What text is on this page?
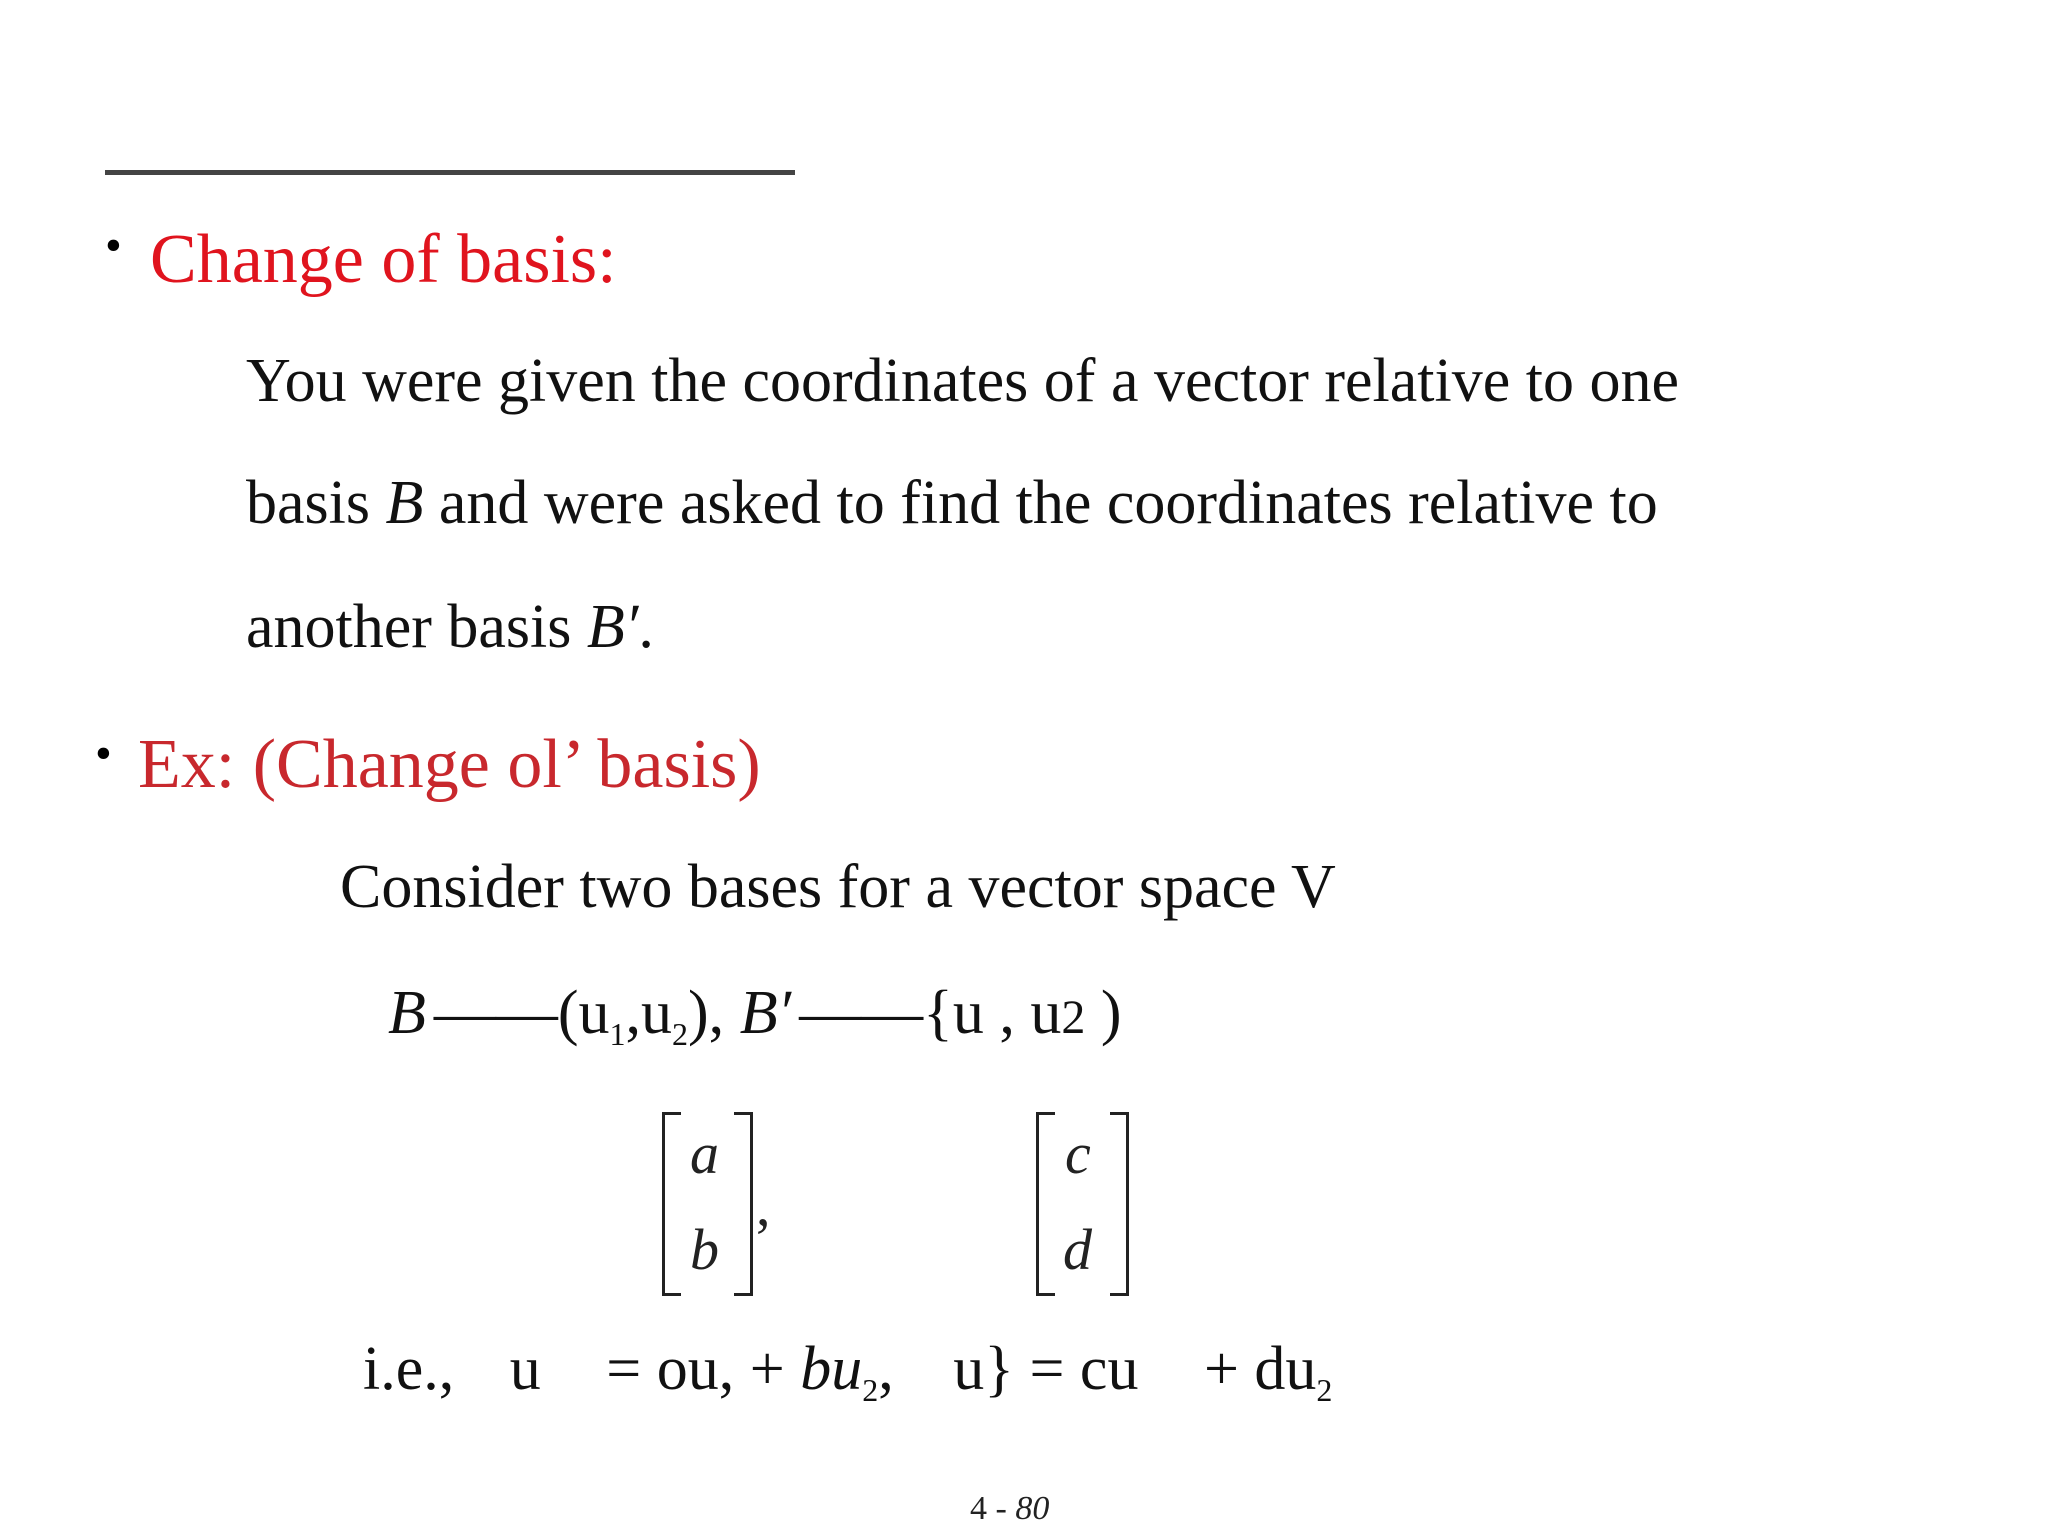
• Change of basis:
You were given the coordinates of a vector relative to one
basis B and were asked to find the coordinates relative to
another basis B′.
• Ex: (Change ol’ basis)
Consider two bases for a vector space V
B $——(u_1,u_2)$, B′ ——{u , u2 )
a
b
,
c
d
i.e., u = ou, + $bu_2$, u} = cu + $du_2$
4 - 80
